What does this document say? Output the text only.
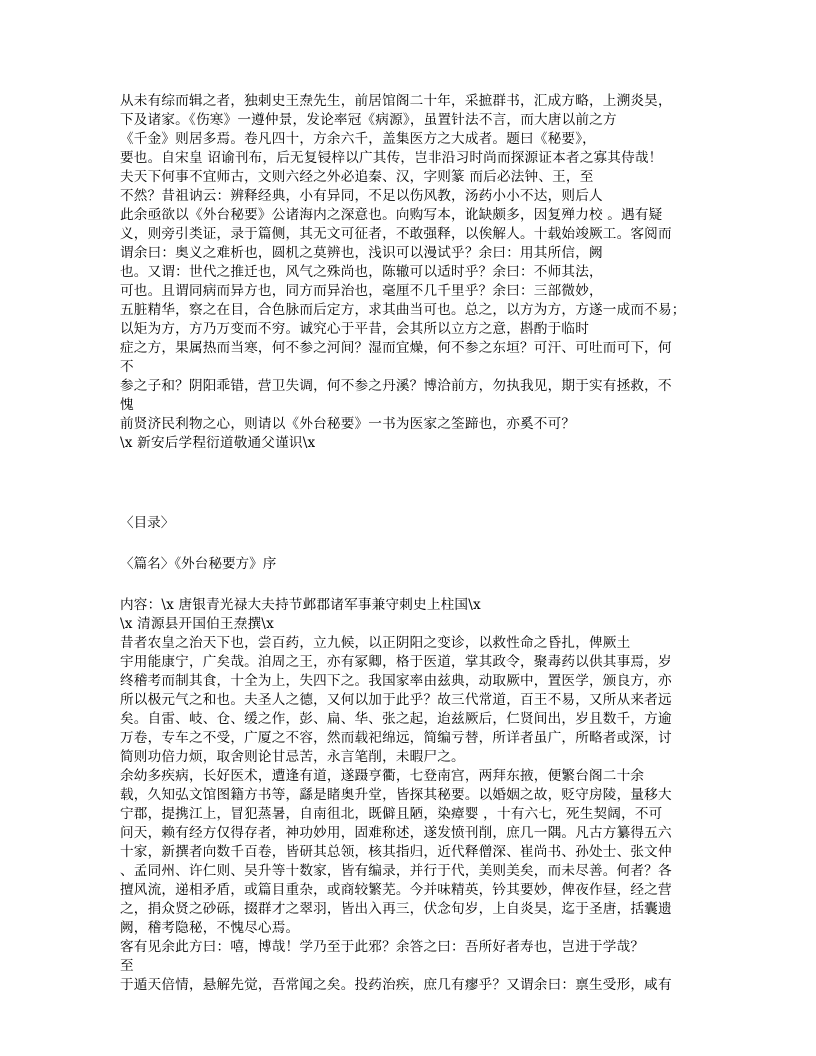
从未有综而辑之者，独刺史王焘先生，前居馆阁二十年，采摭群书，汇成方略，上溯炎昊，
下及诸家。《伤寒》一遵仲景，发论率冠《病源》，虽置针法不言，而大唐以前之方
《千金》则居多焉。卷凡四十，方余六千，盖集医方之大成者。题曰《秘要》，
要也。自宋皇 诏谕刊布，后无复锓梓以广其传，岂非沿习时尚而探源证本者之寡其侍哉！
夫天下何事不宜师古，文则六经之外必追秦、汉，字则篆 而后必法钟、王，至
不然？昔祖讷云：辨释经典，小有异同，不足以伤风教，汤药小小不达，则后人
此余亟欲以《外台秘要》公诸海内之深意也。向购写本，讹缺颇多，因复殚力校 。遇有疑
义，则旁引类证，录于篇侧，其无文可征者，不敢强释，以俟解人。十载始竣厥工。客阅而
谓余曰：奥义之难析也，圆机之莫辨也，浅识可以漫试乎？余曰：用其所信，阙
也。又谓：世代之推迁也，风气之殊尚也，陈辙可以适时乎？余曰：不师其法，
可也。且谓同病而异方也，同方而异治也，毫厘不几千里乎？余曰：三部微妙，
五脏精华，察之在目，合色脉而后定方，求其曲当可也。总之，以方为方，方遂一成而不易；
以矩为方，方乃万变而不穷。诚究心于平昔，会其所以立方之意，斟酌于临时
症之方，果属热而当寒，何不参之河间？湿而宜燥，何不参之东垣？可汗、可吐而可下，何
不
参之子和？阴阳乖错，营卫失调，何不参之丹溪？博洽前方，勿执我见，期于实有拯救，不
愧
前贤济民利物之心，则请以《外台秘要》一书为医家之筌蹄也，亦奚不可？
\x 新安后学程衍道敬通父谨识\x
〈目录〉
〈篇名〉《外台秘要方》序
内容：\x 唐银青光禄大夫持节邺郡诸军事兼守刺史上柱国\x
\x 清源县开国伯王焘撰\x
昔者农皇之治天下也，尝百药，立九候，以正阴阳之变诊，以救性命之昏扎，俾厥土
宇用能康宁，广矣哉。洎周之王，亦有冢卿，格于医道，掌其政令，聚毒药以供其事焉，岁
终稽考而制其食，十全为上，失四下之。我国家率由兹典，动取厥中，置医学，颁良方，亦
所以极元气之和也。夫圣人之德，又何以加于此乎？故三代常道，百王不易，又所从来者远
矣。自雷、岐、仓、缓之作，彭、扁、华、张之起，迨兹厥后，仁贤间出，岁且数千，方逾
万卷，专车之不受，广厦之不容，然而载祀绵远，简编亏替，所详者虽广，所略者或深，讨
简则功倍力烦，取舍则论甘忌苦，永言笔削，未暇尸之。
余幼多疾病，长好医术，遭逢有道，遂蹑亨衢，七登南宫，两拜东掖，便繁台阁二十余
载，久知弘文馆图籍方书等，繇是睹奥升堂，皆探其秘要。以婚姻之故，贬守房陵，量移大
宁郡，提携江上，冒犯蒸暑，自南徂北，既僻且陋，染瘴婴 ，十有六七，死生契阔，不可
问天，赖有经方仅得存者，神功妙用，固难称述，遂发愤刊削，庶几一隅。凡古方纂得五六
十家，新撰者向数千百卷，皆研其总领，核其指归，近代释僧深、崔尚书、孙处士、张文仲
、孟同州、许仁则、吴升等十数家，皆有编录，并行于代，美则美矣，而未尽善。何者？各
擅风流，递相矛盾，或篇目重杂，或商较繁芜。今并味精英，钤其要妙，俾夜作昼，经之营
之，捐众贤之砂砾，掇群才之翠羽，皆出入再三，伏念旬岁，上自炎昊，迄于圣唐，括囊遗
阙，稽考隐秘，不愧尽心焉。
客有见余此方曰：嘻，博哉！学乃至于此邪？余答之曰：吾所好者寿也，岂进于学哉？
至
于遁天倍情，悬解先觉，吾常闻之矣。投药治疾，庶几有瘳乎？又谓余曰：禀生受形，咸有
